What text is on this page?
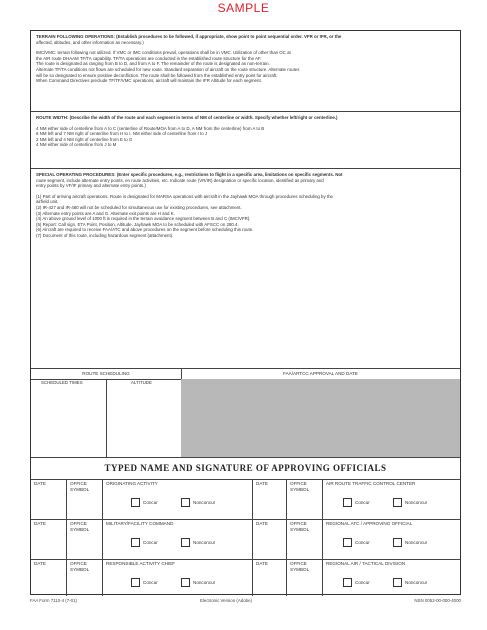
SAMPLE
TERRAIN FOLLOWING OPERATIONS: (Establish procedures to be followed, if appropriate, show point to point sequential order. VFR or IFR, or the
affected, altitudes, and other information as necessary.)
IMC/VMC: terrain following not utilized. If VMC or IMC conditions prevail, operations shall be in VMC. Utilization of other than OC at
the AIR route DHAAM TF/TA capability. TF/TA operations are conducted in the established route structure for the AF.
The route is designated as ranging from B to D, and from A to F. The remainder of the route is designated as non-terrain.
Alternate TF/TA conditions not flown are scheduled for new route. Standard separation of aircraft on the route structure. Alternate routes
will be so designated to ensure positive deconfliction. The route shall be followed from the established entry point for aircraft.
When Command Directives preclude TF/TF/VMC operations, aircraft will maintain the IFR Altitude for each segment.
ROUTE WIDTH: (Describe the width of the route and each segment in terms of NM of centerline or width. Specify whether left/right or centerline.)
4 NM either side of centerline from A to C (centerline of Route/MOA from A to D, A NM from the centerline) from A to B
6 NM left and 7 NM right of centerline from H to I. NM either side of centerline from I to J
2 NM left and 4 NM right of centerline from E to G
4 NM either side of centerline from J to M
SPECIAL OPERATING PROCEDURES: (Enter specific procedures, e.g., restrictions to flight in a specific area, limitations on specific segments. Not
route segment, include alternate entry points, en route activities, etc. Indicate route (VR/IR) designation or specific location, identified as primary and
entry points by VF/IF primary and alternate entry points.)
(1) Part of arriving aircraft operations. Route is designated for MARSA operations with aircraft in the Jayhawk MOA through procedures scheduling by the
airfield unit.
(2) IR-427 and IR-480 will not be scheduled for simultaneous use for existing procedures, see attachment.
(3) Alternate entry points are A and G. Alternate exit points are H and K.
(4) An above ground level of 1000 ft is required in the terrain avoidance segment between B and C (IMC/VFR).
(5) Report: Call sign, ETA Point, Position, Altitude. Jayhawk MOA to be scheduled with AFSCC on 280.4.
(6) Aircraft are required to receive FAA/ATC and above procedures on the segment before scheduling this route.
(7) Document of this route, including hazardous segment (attachment).
ROUTE SCHEDULING
SCHEDULED TIMES	ALTITUDE
FAA/ARTCC APPROVAL AND DATE
TYPED NAME AND SIGNATURE OF APPROVING OFFICIALS
DATE	OFFICE SYMBOL
ORIGINATING ACTIVITY
Concur	Nonconcur
DATE	OFFICE SYMBOL
AIR ROUTE TRAFFIC CONTROL CENTER
Concur	Nonconcur
DATE	OFFICE SYMBOL
MILITARY/FACILITY COMMAND
Concur	Nonconcur
DATE	OFFICE SYMBOL
REGIONAL ATC / APPROVING OFFICIAL
Concur	Nonconcur
DATE	OFFICE SYMBOL
RESPONSIBLE ACTIVITY CHIEF
Concur	Nonconcur
DATE	OFFICE SYMBOL
REGIONAL AIR / TACTICAL DIVISION
Concur	Nonconcur
FAA Form 7110-4 (7-01)	Electronic Version (Adobe)	NSN 0052-00-000-4000
